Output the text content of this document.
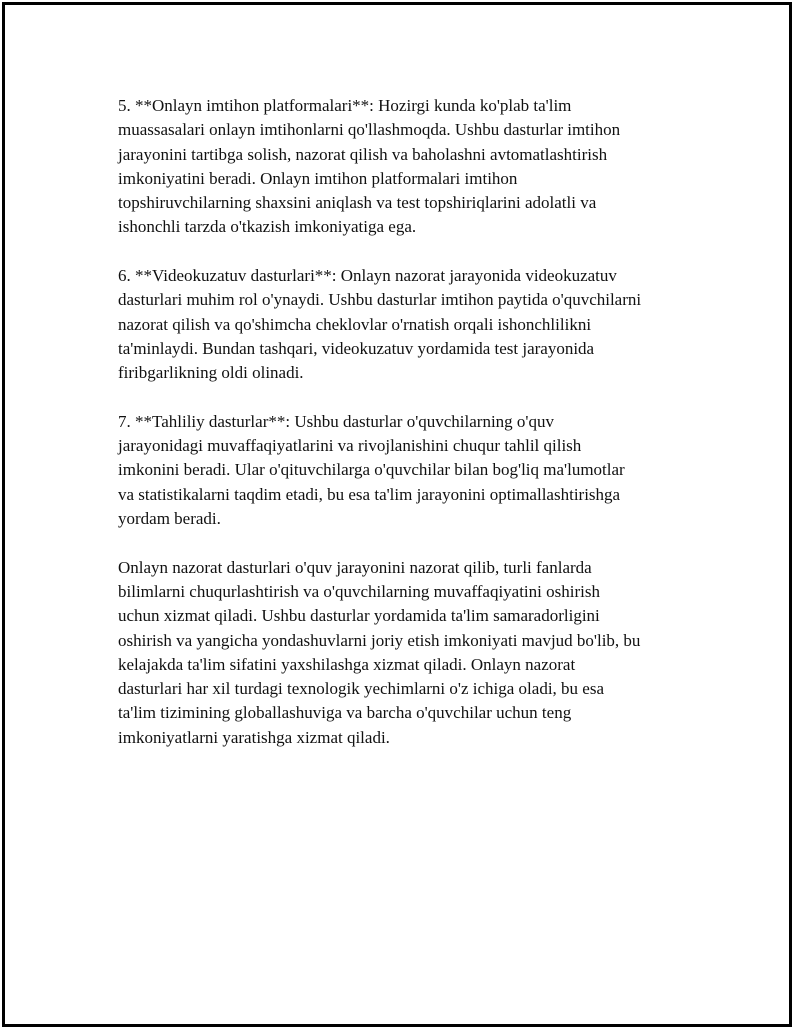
5. **Onlayn imtihon platformalari**: Hozirgi kunda ko'plab ta'lim
muassasalari onlayn imtihonlarni qo'llashmoqda. Ushbu dasturlar imtihon
jarayonini tartibga solish, nazorat qilish va baholashni avtomatlashtirish
imkoniyatini beradi. Onlayn imtihon platformalari imtihon
topshiruvchilarning shaxsini aniqlash va test topshiriqlarini adolatli va
ishonchli tarzda o'tkazish imkoniyatiga ega.

6. **Videokuzatuv dasturlari**: Onlayn nazorat jarayonida videokuzatuv
dasturlari muhim rol o'ynaydi. Ushbu dasturlar imtihon paytida o'quvchilarni
nazorat qilish va qo'shimcha cheklovlar o'rnatish orqali ishonchlilikni
ta'minlaydi. Bundan tashqari, videokuzatuv yordamida test jarayonida
firibgarlikning oldi olinadi.

7. **Tahliliy dasturlar**: Ushbu dasturlar o'quvchilarning o'quv
jarayonidagi muvaffaqiyatlarini va rivojlanishini chuqur tahlil qilish
imkonini beradi. Ular o'qituvchilarga o'quvchilar bilan bog'liq ma'lumotlar
va statistikalarni taqdim etadi, bu esa ta'lim jarayonini optimallashtirishga
yordam beradi.

Onlayn nazorat dasturlari o'quv jarayonini nazorat qilib, turli fanlarda
bilimlarni chuqurlashtirish va o'quvchilarning muvaffaqiyatini oshirish
uchun xizmat qiladi. Ushbu dasturlar yordamida ta'lim samaradorligini
oshirish va yangicha yondashuvlarni joriy etish imkoniyati mavjud bo'lib, bu
kelajakda ta'lim sifatini yaxshilashga xizmat qiladi. Onlayn nazorat
dasturlari har xil turdagi texnologik yechimlarni o'z ichiga oladi, bu esa
ta'lim tizimining globallashuviga va barcha o'quvchilar uchun teng
imkoniyatlarni yaratishga xizmat qiladi.
